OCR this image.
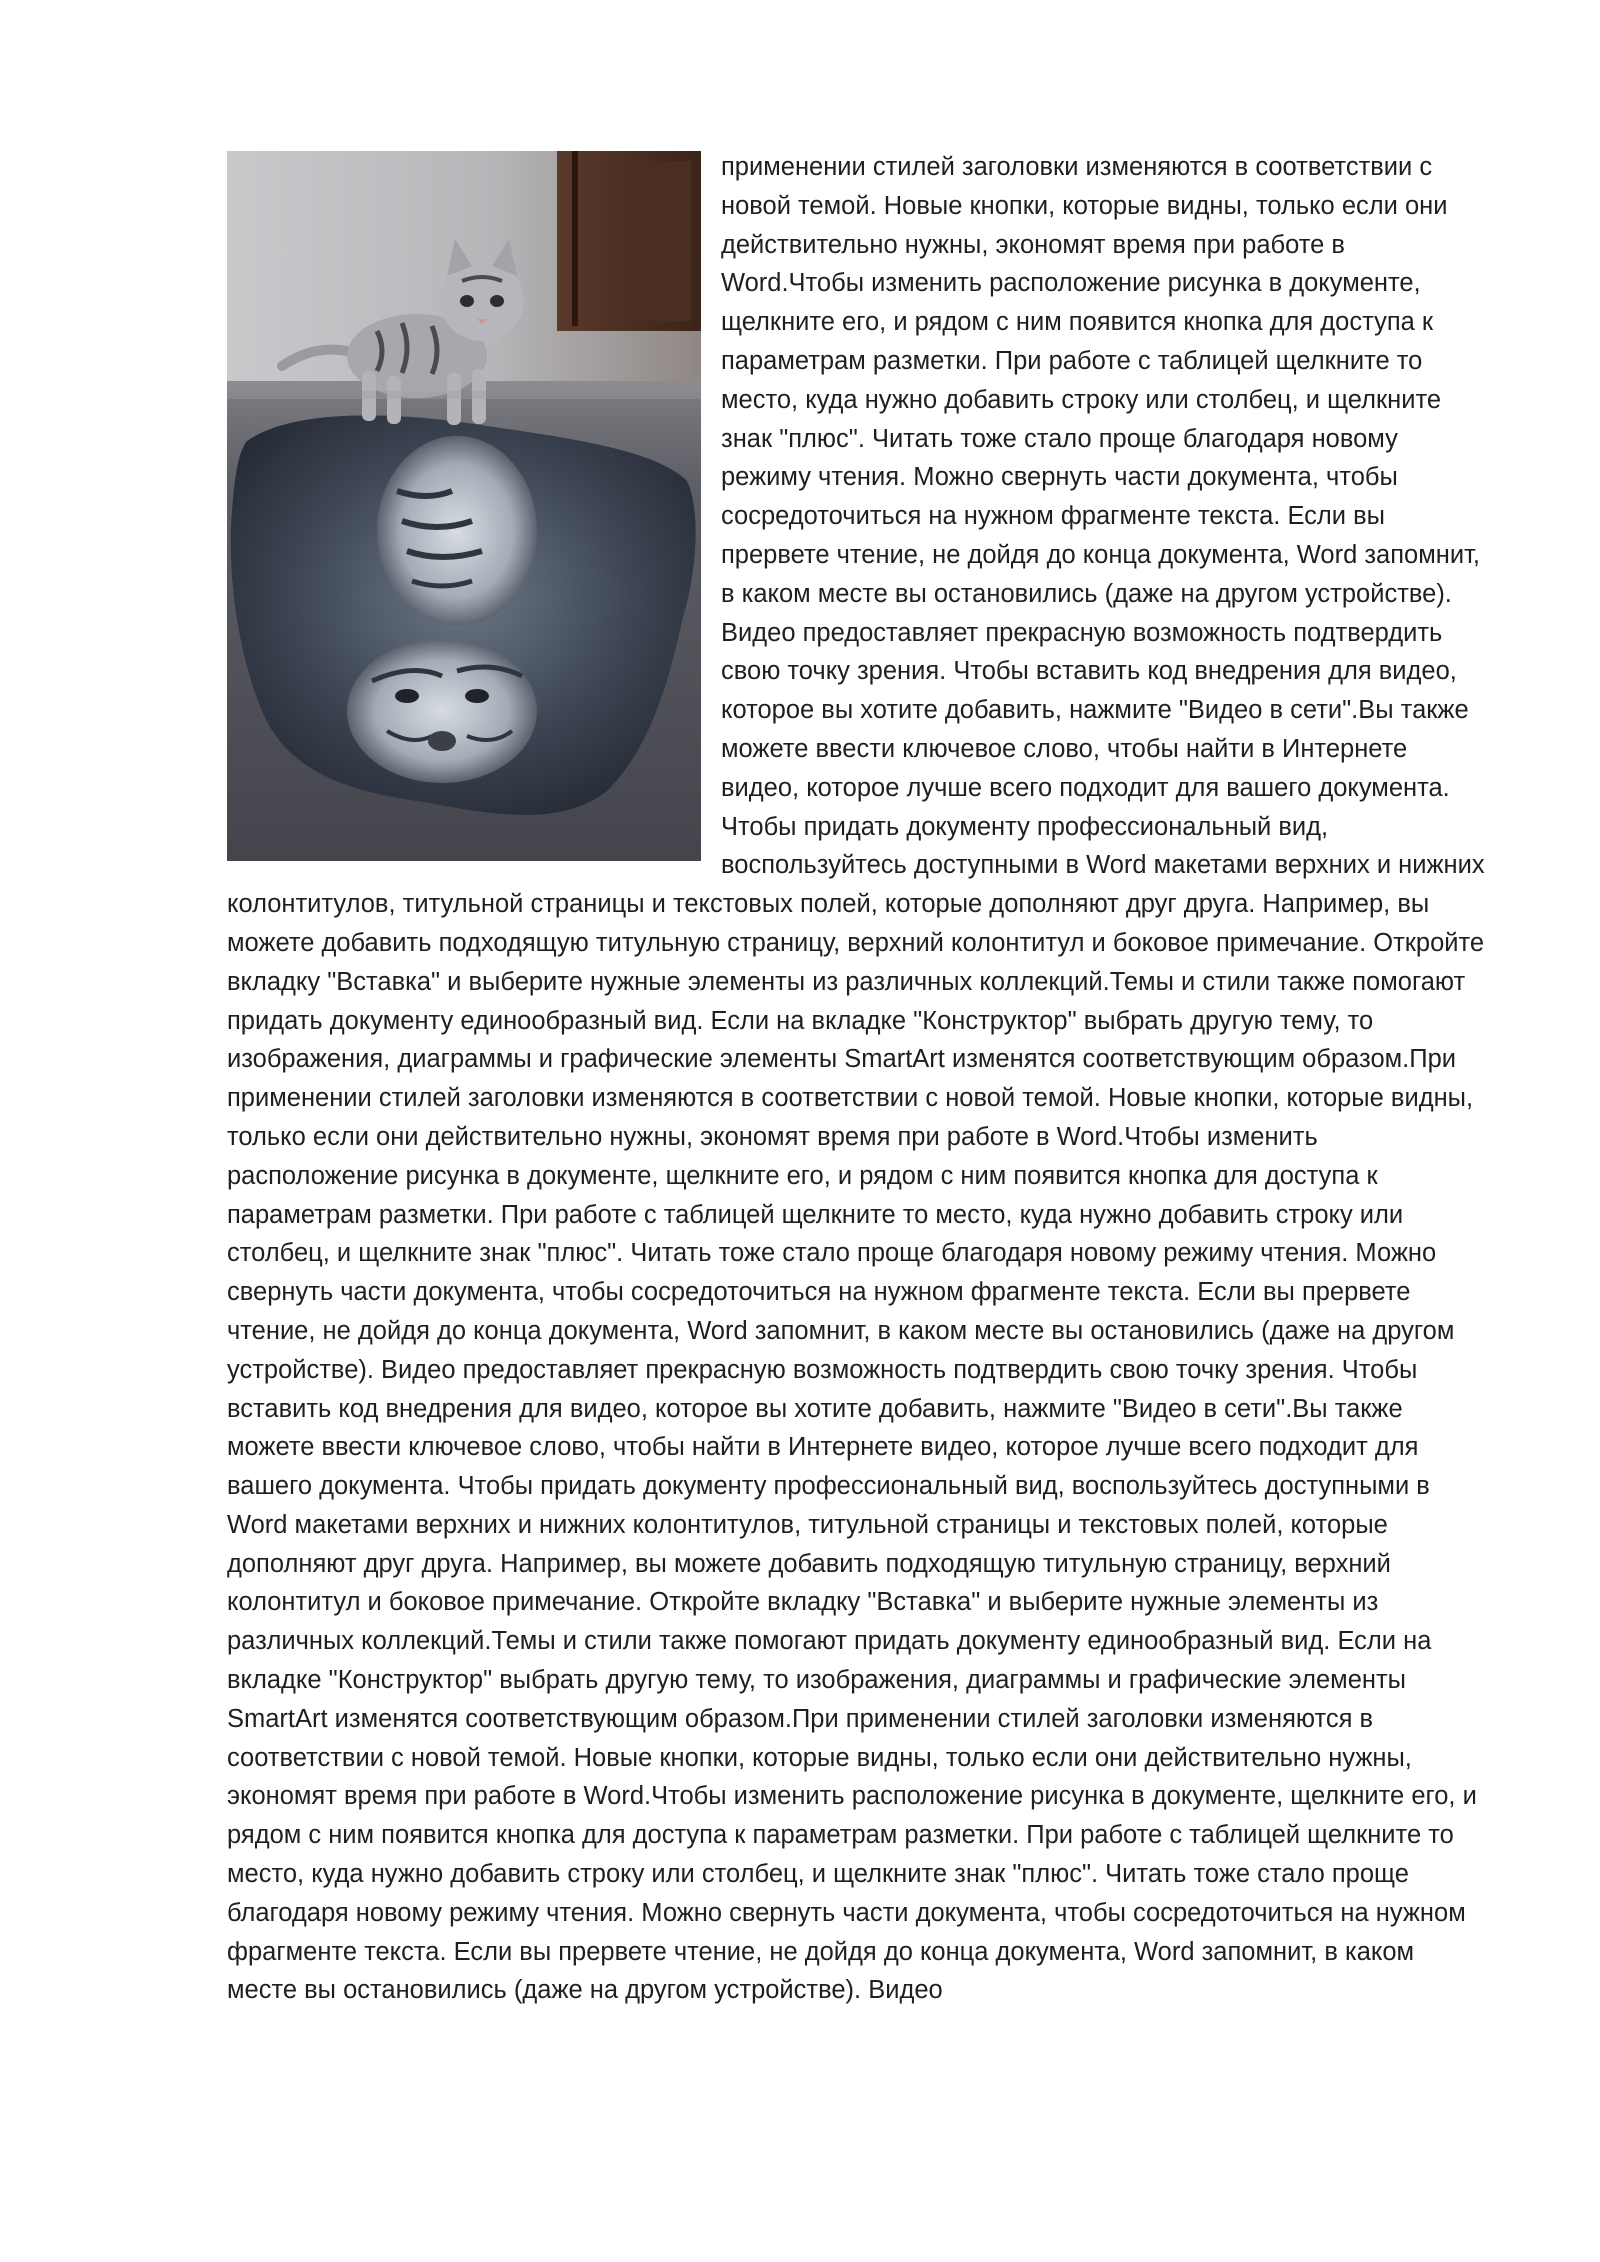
применении стилей заголовки изменяются в соответствии с новой темой. Новые кнопки, которые видны, только если они действительно нужны, экономят время при работе в Word.Чтобы изменить расположение рисунка в документе, щелкните его, и рядом с ним появится кнопка для доступа к параметрам разметки. При работе с таблицей щелкните то место, куда нужно добавить строку или столбец, и щелкните знак "плюс". Читать тоже стало проще благодаря новому режиму чтения. Можно свернуть части документа, чтобы сосредоточиться на нужном фрагменте текста. Если вы прервете чтение, не дойдя до конца документа, Word запомнит, в каком месте вы остановились (даже на другом устройстве). Видео предоставляет прекрасную возможность подтвердить свою точку зрения. Чтобы вставить код внедрения для видео, которое вы хотите добавить, нажмите "Видео в сети".Вы также можете ввести ключевое слово, чтобы найти в Интернете видео, которое лучше всего подходит для вашего документа. Чтобы придать документу профессиональный вид, воспользуйтесь доступными в Word макетами верхних и нижних колонтитулов, титульной страницы и текстовых полей, которые дополняют друг друга. Например, вы можете добавить подходящую титульную страницу, верхний колонтитул и боковое примечание. Откройте вкладку "Вставка" и выберите нужные элементы из различных коллекций.Темы и стили также помогают придать документу единообразный вид. Если на вкладке "Конструктор" выбрать другую тему, то изображения, диаграммы и графические элементы SmartArt изменятся соответствующим образом.При применении стилей заголовки изменяются в соответствии с новой темой. Новые кнопки, которые видны, только если они действительно нужны, экономят время при работе в Word.Чтобы изменить расположение рисунка в документе, щелкните его, и рядом с ним появится кнопка для доступа к параметрам разметки. При работе с таблицей щелкните то место, куда нужно добавить строку или столбец, и щелкните знак "плюс". Читать тоже стало проще благодаря новому режиму чтения. Можно свернуть части документа, чтобы сосредоточиться на нужном фрагменте текста. Если вы прервете чтение, не дойдя до конца документа, Word запомнит, в каком месте вы остановились (даже на другом устройстве). Видео предоставляет прекрасную возможность подтвердить свою точку зрения. Чтобы вставить код внедрения для видео, которое вы хотите добавить, нажмите "Видео в сети".Вы также можете ввести ключевое слово, чтобы найти в Интернете видео, которое лучше всего подходит для вашего документа. Чтобы придать документу профессиональный вид, воспользуйтесь доступными в Word макетами верхних и нижних колонтитулов, титульной страницы и текстовых полей, которые дополняют друг друга. Например, вы можете добавить подходящую титульную страницу, верхний колонтитул и боковое примечание. Откройте вкладку "Вставка" и выберите нужные элементы из различных коллекций.Темы и стили также помогают придать документу единообразный вид. Если на вкладке "Конструктор" выбрать другую тему, то изображения, диаграммы и графические элементы SmartArt изменятся соответствующим образом.При применении стилей заголовки изменяются в соответствии с новой темой. Новые кнопки, которые видны, только если они действительно нужны, экономят время при работе в Word.Чтобы изменить расположение рисунка в документе, щелкните его, и рядом с ним появится кнопка для доступа к параметрам разметки. При работе с таблицей щелкните то место, куда нужно добавить строку или столбец, и щелкните знак "плюс". Читать тоже стало проще благодаря новому режиму чтения. Можно свернуть части документа, чтобы сосредоточиться на нужном фрагменте текста. Если вы прервете чтение, не дойдя до конца документа, Word запомнит, в каком месте вы остановились (даже на другом устройстве). Видео
